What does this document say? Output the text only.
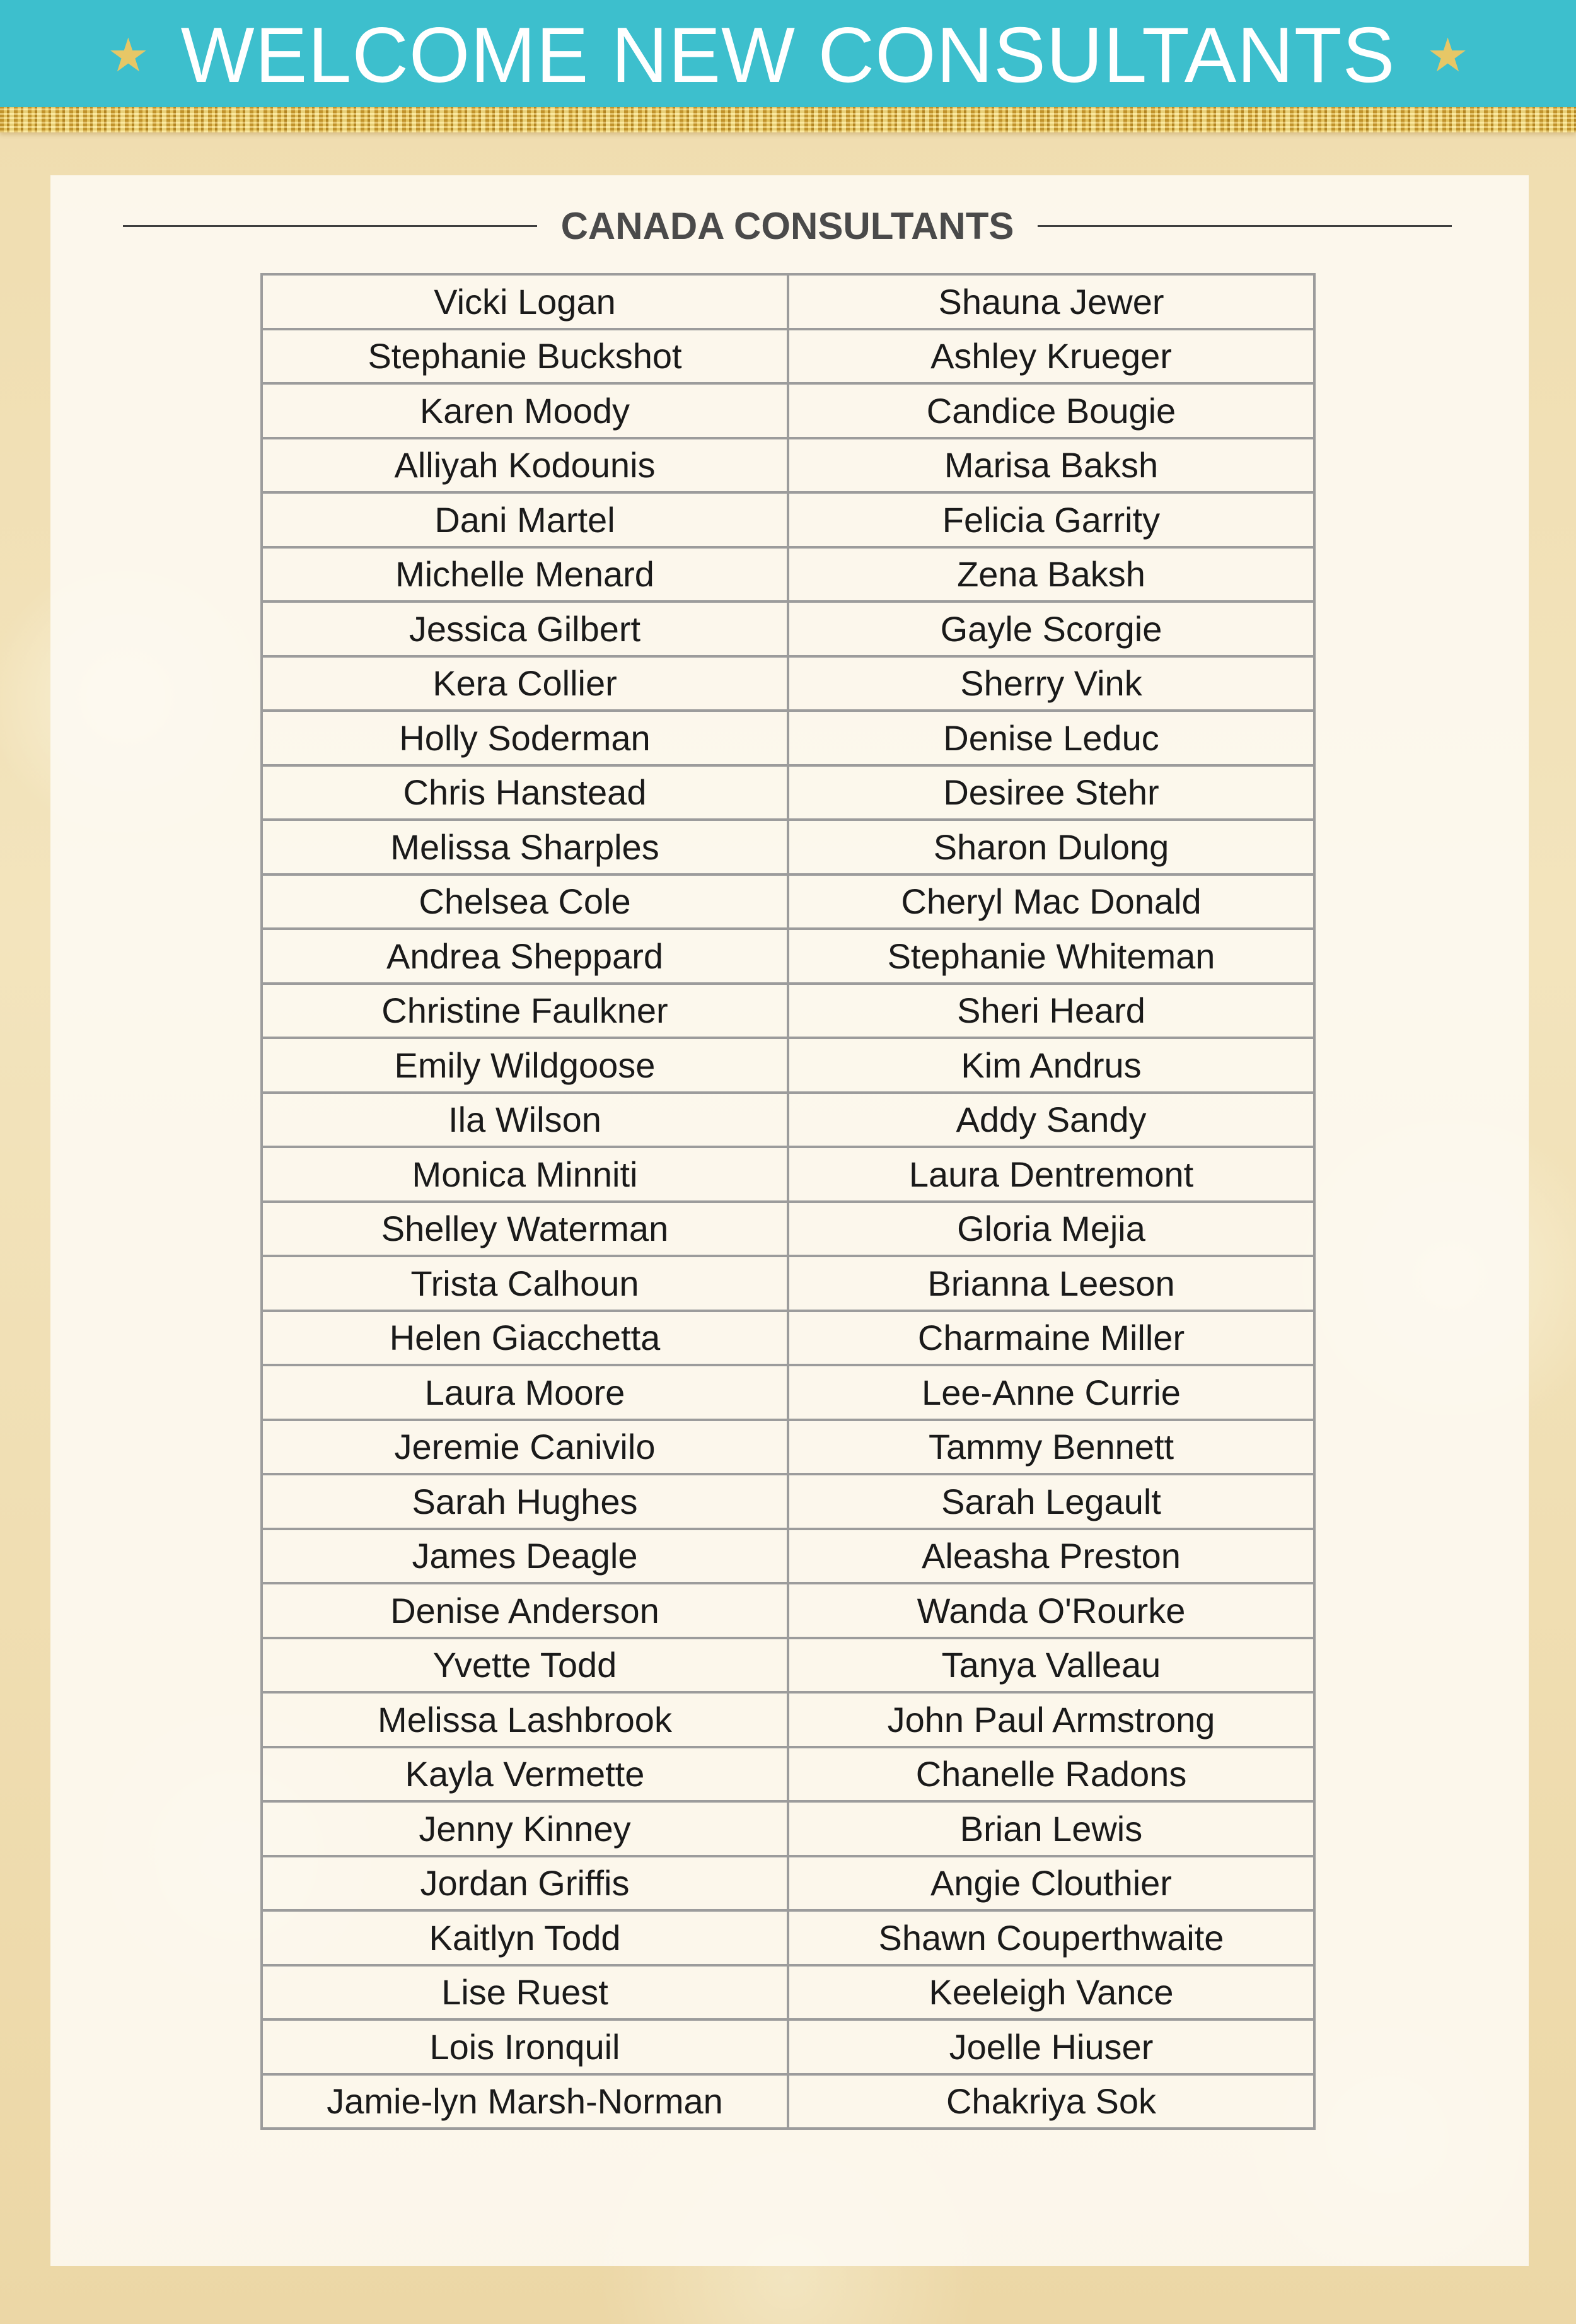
★ WELCOME NEW CONSULTANTS ★
CANADA CONSULTANTS
Vicki Logan	Shauna Jewer
Stephanie Buckshot	Ashley Krueger
Karen Moody	Candice Bougie
Alliyah Kodounis	Marisa Baksh
Dani Martel	Felicia Garrity
Michelle Menard	Zena Baksh
Jessica Gilbert	Gayle Scorgie
Kera Collier	Sherry Vink
Holly Soderman	Denise Leduc
Chris Hanstead	Desiree Stehr
Melissa Sharples	Sharon Dulong
Chelsea Cole	Cheryl Mac Donald
Andrea Sheppard	Stephanie Whiteman
Christine Faulkner	Sheri Heard
Emily Wildgoose	Kim Andrus
Ila Wilson	Addy Sandy
Monica Minniti	Laura Dentremont
Shelley Waterman	Gloria Mejia
Trista Calhoun	Brianna Leeson
Helen Giacchetta	Charmaine Miller
Laura Moore	Lee-Anne Currie
Jeremie Canivilo	Tammy Bennett
Sarah Hughes	Sarah Legault
James Deagle	Aleasha Preston
Denise Anderson	Wanda O'Rourke
Yvette Todd	Tanya Valleau
Melissa Lashbrook	John Paul Armstrong
Kayla Vermette	Chanelle Radons
Jenny Kinney	Brian Lewis
Jordan Griffis	Angie Clouthier
Kaitlyn Todd	Shawn Couperthwaite
Lise Ruest	Keeleigh Vance
Lois Ironquil	Joelle Hiuser
Jamie-lyn Marsh-Norman	Chakriya Sok
